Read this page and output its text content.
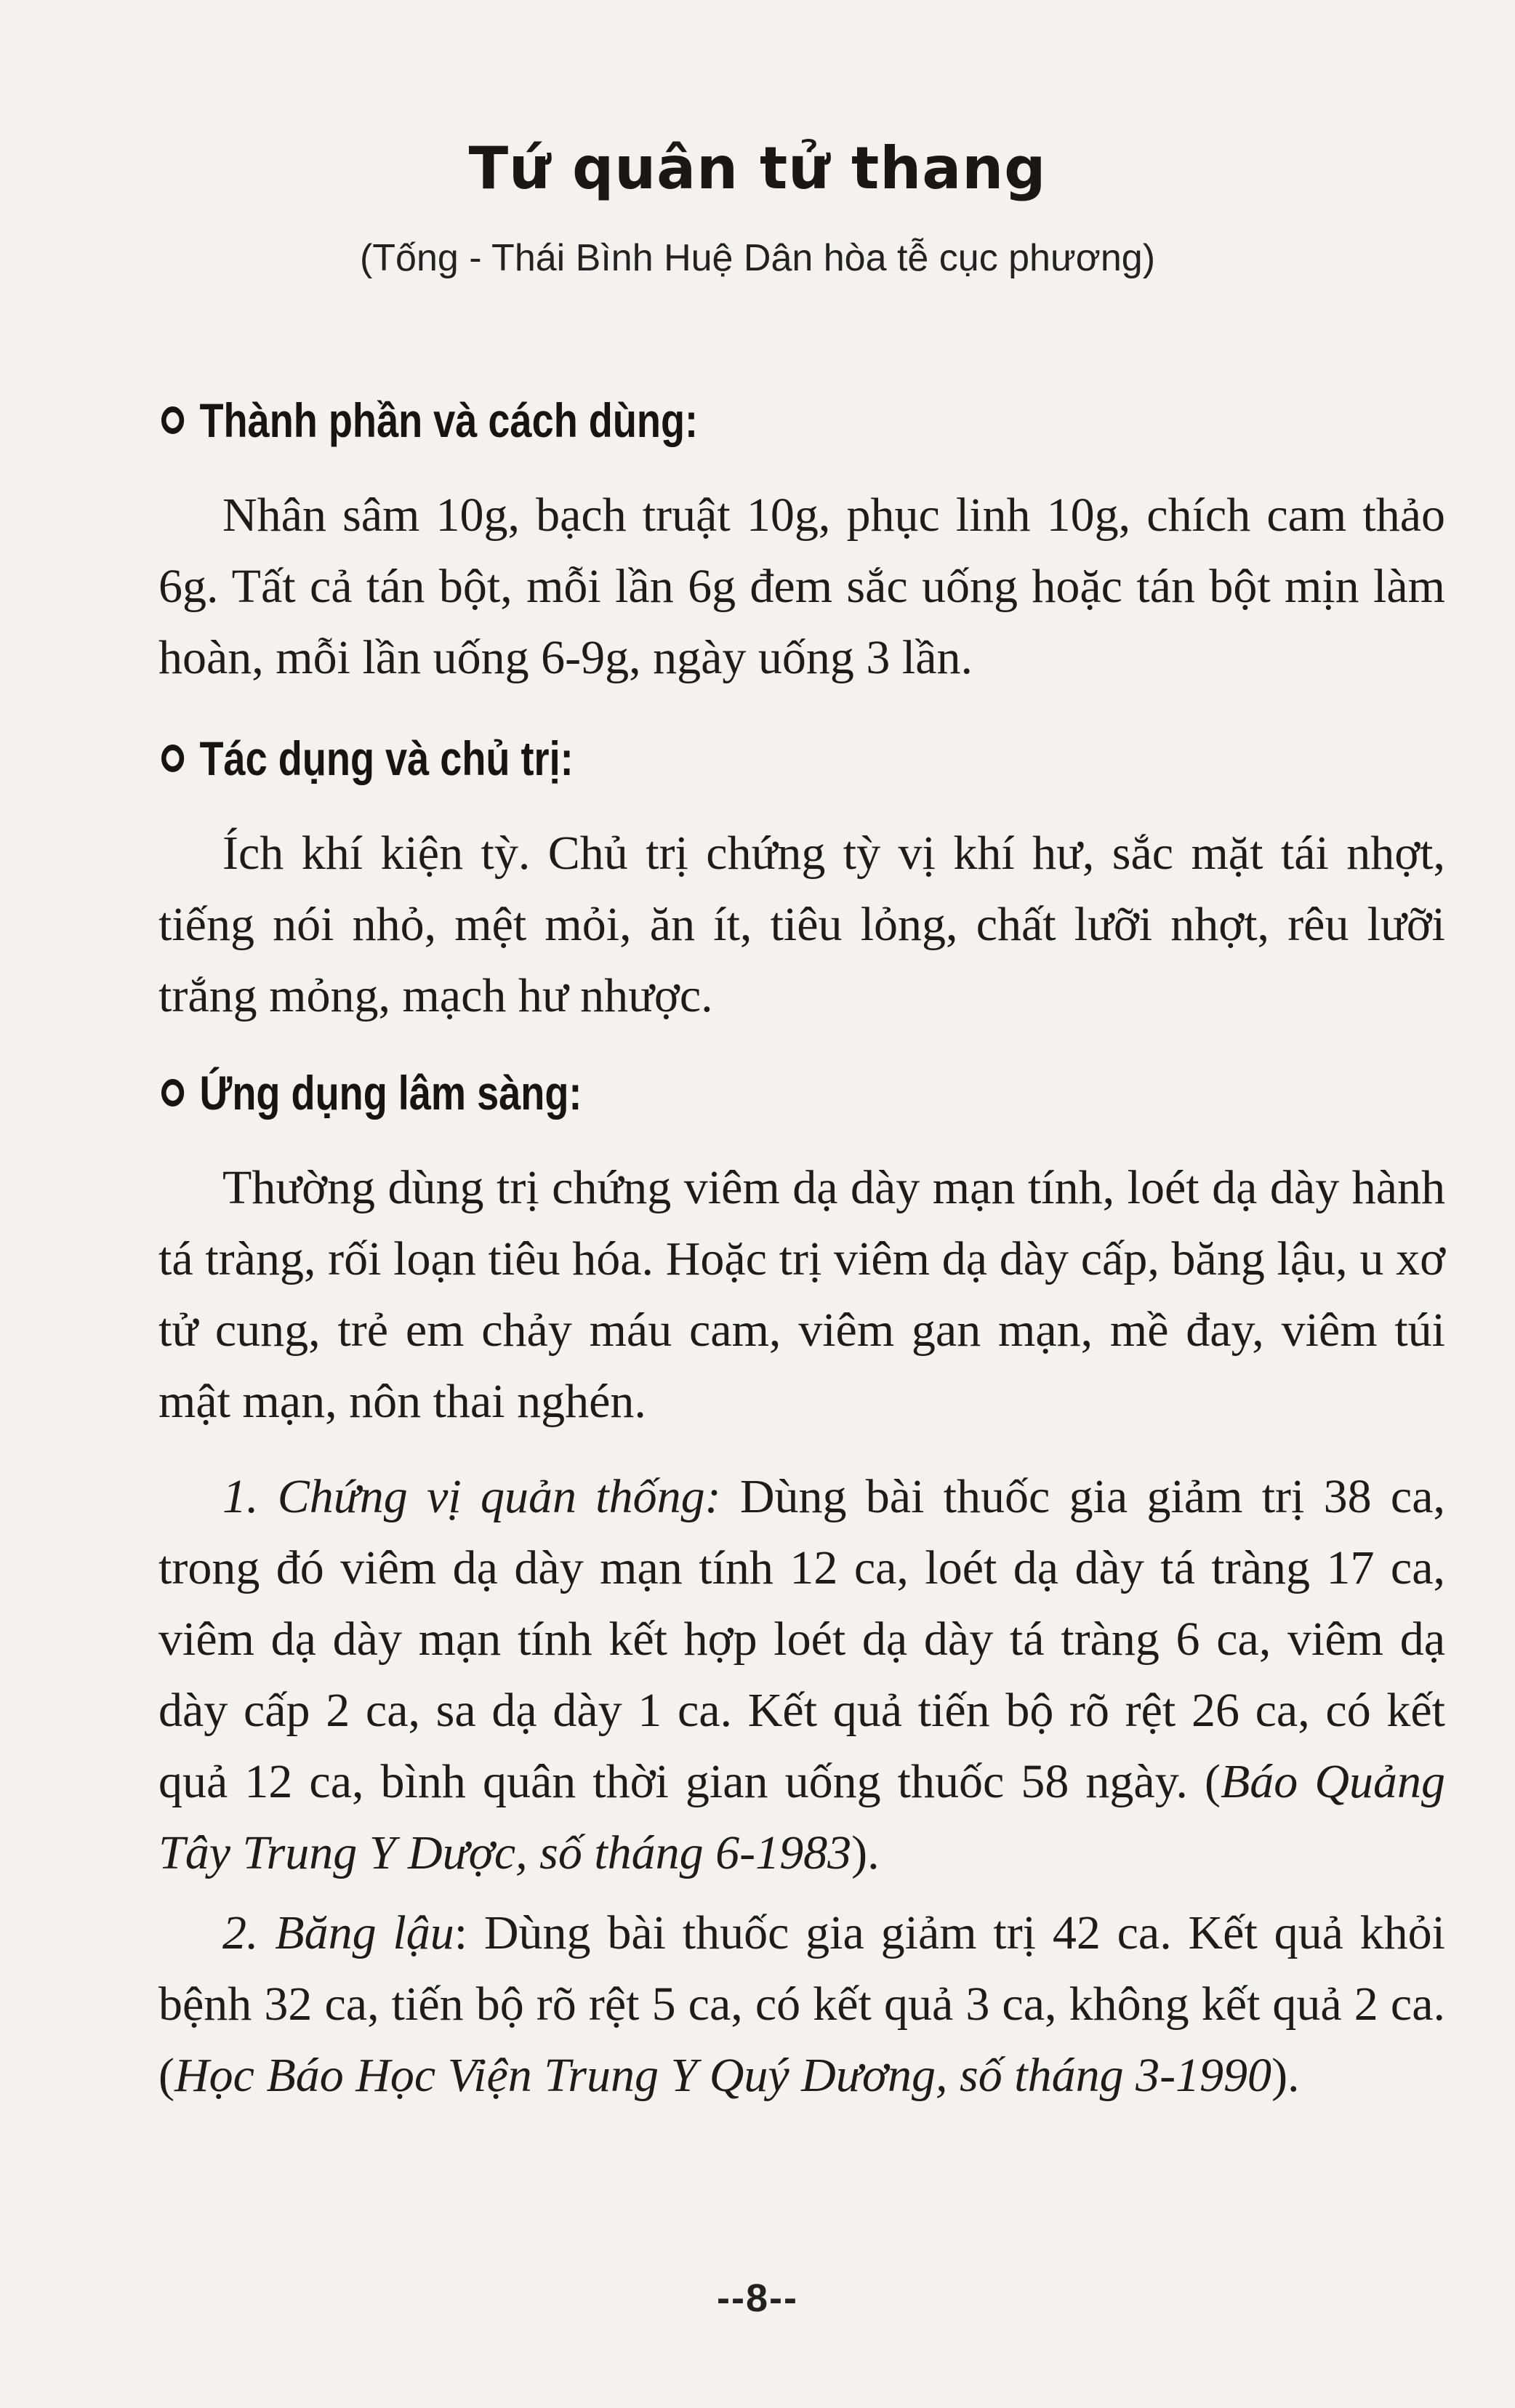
Tứ quân tử thang
(Tống - Thái Bình Huệ Dân hòa tễ cục phương)
Thành phần và cách dùng:

Nhân sâm 10g, bạch truật 10g, phục linh 10g, chích cam thảo 6g. Tất cả tán bột, mỗi lần 6g đem sắc uống hoặc tán bột mịn làm hoàn, mỗi lần uống 6-9g, ngày uống 3 lần.

Tác dụng và chủ trị:

Ích khí kiện tỳ. Chủ trị chứng tỳ vị khí hư, sắc mặt tái nhợt, tiếng nói nhỏ, mệt mỏi, ăn ít, tiêu lỏng, chất lưỡi nhợt, rêu lưỡi trắng mỏng, mạch hư nhược.

Ứng dụng lâm sàng:

Thường dùng trị chứng viêm dạ dày mạn tính, loét dạ dày hành tá tràng, rối loạn tiêu hóa. Hoặc trị viêm dạ dày cấp, băng lậu, u xơ tử cung, trẻ em chảy máu cam, viêm gan mạn, mề đay, viêm túi mật mạn, nôn thai nghén.

1. Chứng vị quản thống: Dùng bài thuốc gia giảm trị 38 ca, trong đó viêm dạ dày mạn tính 12 ca, loét dạ dày tá tràng 17 ca, viêm dạ dày mạn tính kết hợp loét dạ dày tá tràng 6 ca, viêm dạ dày cấp 2 ca, sa dạ dày 1 ca. Kết quả tiến bộ rõ rệt 26 ca, có kết quả 12 ca, bình quân thời gian uống thuốc 58 ngày. (Báo Quảng Tây Trung Y Dược, số tháng 6-1983).

2. Băng lậu: Dùng bài thuốc gia giảm trị 42 ca. Kết quả khỏi bệnh 32 ca, tiến bộ rõ rệt 5 ca, có kết quả 3 ca, không kết quả 2 ca. (Học Báo Học Viện Trung Y Quý Dương, số tháng 3-1990).

--8--
